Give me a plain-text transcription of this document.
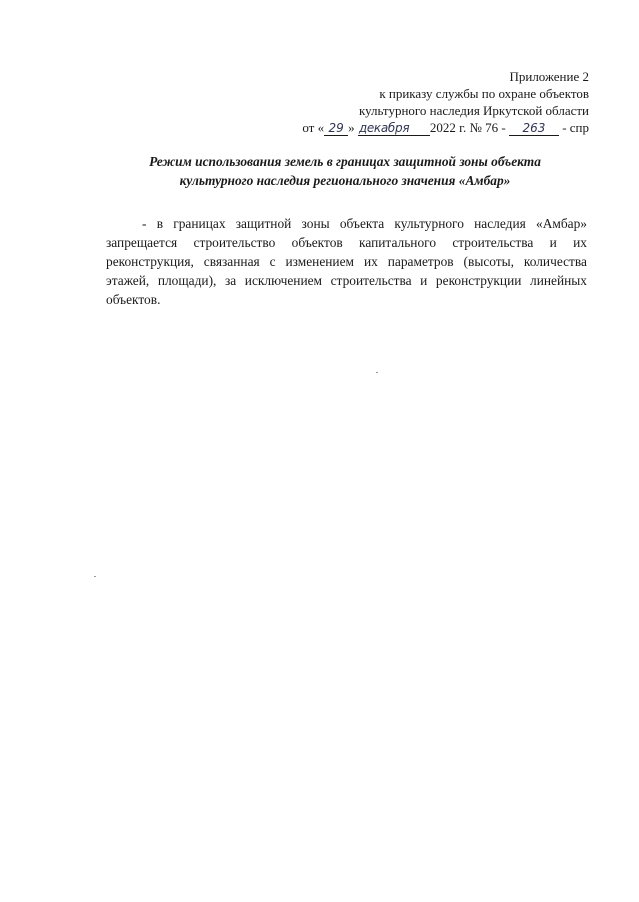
Приложение 2
к приказу службы по охране объектов
культурного наследия Иркутской области
от « 29 » декабря 2022 г. № 76 - 263 - спр
Режим использования земель в границах защитной зоны объекта
культурного наследия регионального значения «Амбар»

- в границах защитной зоны объекта культурного наследия «Амбар» запрещается строительство объектов капитального строительства и их реконструкция, связанная с изменением их параметров (высоты, количества этажей, площади), за исключением строительства и реконструкции линейных объектов.
